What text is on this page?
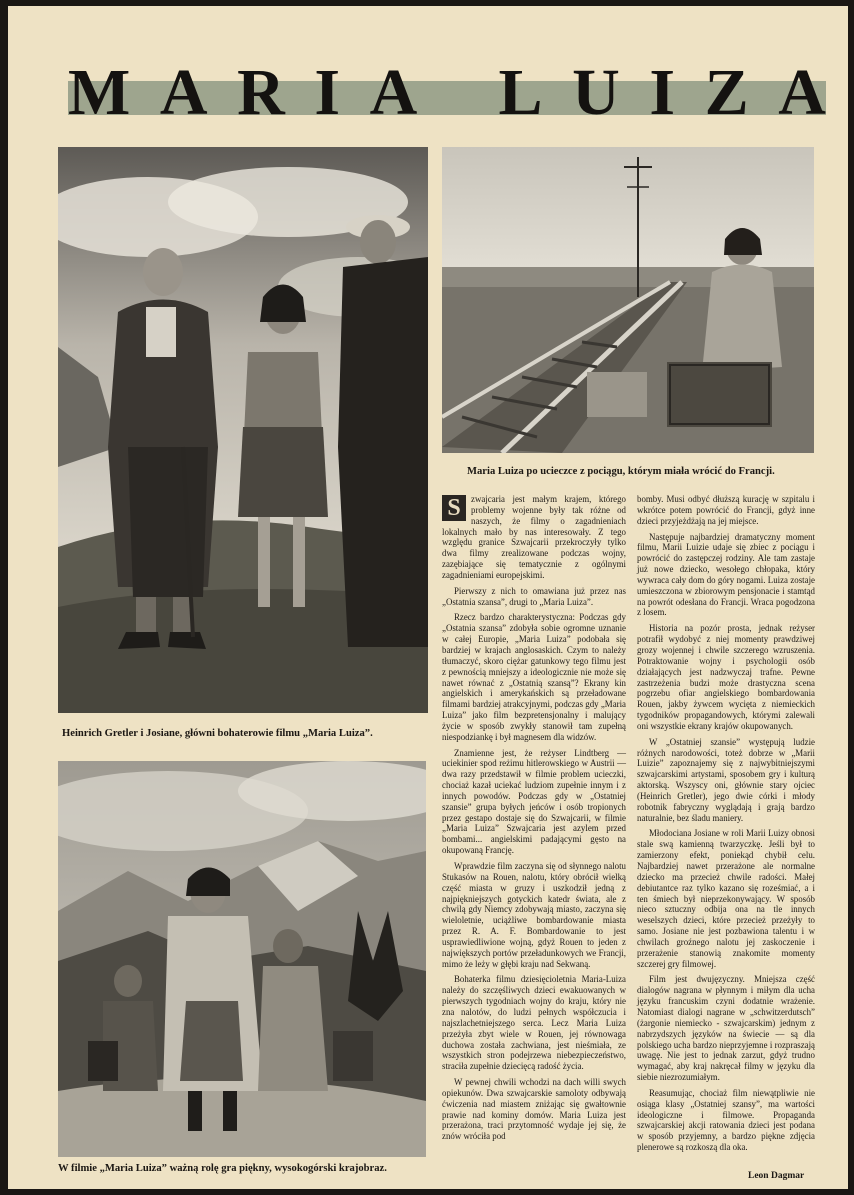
M A R I A L U I Z A
Heinrich Gretler i Josiane, główni bohaterowie filmu „Maria Luiza”.
Maria Luiza po ucieczce z pociągu, którym miała wrócić do Francji.
W filmie „Maria Luiza” ważną rolę gra piękny, wysokogórski krajobraz.

S	zwajcaria jest małym krajem, którego problemy wojenne były tak różne od naszych, że filmy o zagadnieniach lokalnych mało by nas interesowały. Z tego względu granice Szwajcarii przekroczyły tylko dwa filmy zrealizowane podczas wojny, zazębiające się tematycznie z ogólnymi zagadnieniami europejskimi.

Pierwszy z nich to omawiana już przez nas „Ostatnia szansa”, drugi to „Maria Luiza”.

Rzecz bardzo charakterystyczna: Podczas gdy „Ostatnia szansa” zdobyła sobie ogromne uznanie w całej Europie, „Maria Luiza” podobała się bardziej w krajach anglosaskich. Czym to należy tłumaczyć, skoro ciężar gatunkowy tego filmu jest z pewnością mniejszy a ideologicznie nie może się nawet równać z „Ostatnią szansą”? Ekrany kin angielskich i amerykańskich są przeładowane filmami bardziej atrakcyjnymi, podczas gdy „Maria Luiza” jako film bezpretensjonalny i malujący życie w sposób zwykły stanowił tam zupełną niespodziankę i był magnesem dla widzów.

Znamienne jest, że reżyser Lindtberg — uciekinier spod reżimu hitlerowskiego w Austrii — dwa razy przedstawił w filmie problem ucieczki, chociaż kazał uciekać ludziom zupełnie innym i z innych powodów. Podczas gdy w „Ostatniej szansie” grupa byłych jeńców i osób tropionych przez gestapo dostaje się do Szwajcarii, w filmie „Maria Luiza” Szwajcaria jest azylem przed bombami... angielskimi padającymi gęsto na okupowaną Francję.

Wprawdzie film zaczyna się od słynnego nalotu Stukasów na Rouen, nalotu, który obrócił wielką część miasta w gruzy i uszkodził jedną z najpiękniejszych gotyckich katedr świata, ale z chwilą gdy Niemcy zdobywają miasto, zaczyna się wieloletnie, uciążliwe bombardowanie miasta przez R. A. F. Bombardowanie to jest usprawiedliwione wojną, gdyż Rouen to jeden z największych portów przeładunkowych we Francji, mimo że leży w głębi kraju nad Sekwaną.

Bohaterka filmu dziesięcioletnia Maria-Luiza należy do szczęśliwych dzieci ewakuowanych w pierwszych tygodniach wojny do kraju, który nie zna nalotów, do ludzi pełnych współczucia i najszlachetniejszego serca. Lecz Maria Luiza przeżyła zbyt wiele w Rouen, jej równowaga duchowa została zachwiana, jest nieśmiała, ze wszystkich stron podejrzewa niebezpieczeństwo, straciła zupełnie dziecięcą radość życia.

W pewnej chwili wchodzi na dach willi swych opiekunów. Dwa szwajcarskie samoloty odbywają ćwiczenia nad miastem zniżając się gwałtownie prawie nad kominy domów. Maria Luiza jest przerażona, traci przytomność wydaje jej się, że znów wróciła pod

bomby. Musi odbyć dłuższą kurację w szpitalu i wkrótce potem powrócić do Francji, gdyż inne dzieci przyjeżdżają na jej miejsce.

Następuje najbardziej dramatyczny moment filmu, Marii Luizie udaje się zbiec z pociągu i powrócić do zastępczej rodziny. Ale tam zastaje już nowe dziecko, wesołego chłopaka, który wywraca cały dom do góry nogami. Luiza zostaje umieszczona w zbiorowym pensjonacie i stamtąd na powrót odesłana do Francji. Wraca pogodzona z losem.

Historia na pozór prosta, jednak reżyser potrafił wydobyć z niej momenty prawdziwej grozy wojennej i chwile szczerego wzruszenia. Potraktowanie wojny i psychologii osób działających jest nadzwyczaj trafne. Pewne zastrzeżenia budzi może drastyczna scena pogrzebu ofiar angielskiego bombardowania Rouen, jakby żywcem wycięta z niemieckich tygodników propagandowych, którymi zalewali oni wszystkie ekrany krajów okupowanych.

W „Ostatniej szansie” występują ludzie różnych narodowości, toteż dobrze w „Marii Luizie” zapoznajemy się z najwybitniejszymi szwajcarskimi artystami, sposobem gry i kulturą aktorską. Wszyscy oni, głównie stary ojciec (Heinrich Gretler), jego dwie córki i młody robotnik fabryczny wyglądają i grają bardzo naturalnie, bez śladu maniery.

Młodociana Josiane w roli Marii Luizy obnosi stale swą kamienną twarzyczkę. Jeśli był to zamierzony efekt, poniekąd chybił celu. Najbardziej nawet przerażone ale normalne dziecko ma przecież chwile radości. Małej debiutantce raz tylko kazano się roześmiać, a i ten śmiech był nieprzekonywający. W sposób nieco sztuczny odbija ona na tle innych weselszych dzieci, które przecież przeżyły to samo. Josiane nie jest pozbawiona talentu i w chwilach groźnego nalotu jej zaskoczenie i przerażenie stanowią znakomite momenty szczerej gry filmowej.

Film jest dwujęzyczny. Mniejsza część dialogów nagrana w płynnym i miłym dla ucha języku francuskim czyni dodatnie wrażenie. Natomiast dialogi nagrane w „schwitzerdutsch” (żargonie niemiecko - szwajcarskim) jednym z nabrzydszych języków na świecie — są dla polskiego ucha bardzo nieprzyjemne i rozpraszają uwagę. Nie jest to jednak zarzut, gdyż trudno wymagać, aby kraj nakręcał filmy w języku dla siebie niezrozumiałym.

Reasumując, chociaż film niewątpliwie nie osiąga klasy „Ostatniej szansy”, ma wartości ideologiczne i filmowe. Propaganda szwajcarskiej akcji ratowania dzieci jest podana w sposób przyjemny, a bardzo piękne zdjęcia plenerowe są rozkoszą dla oka.

Leon Dagmar
